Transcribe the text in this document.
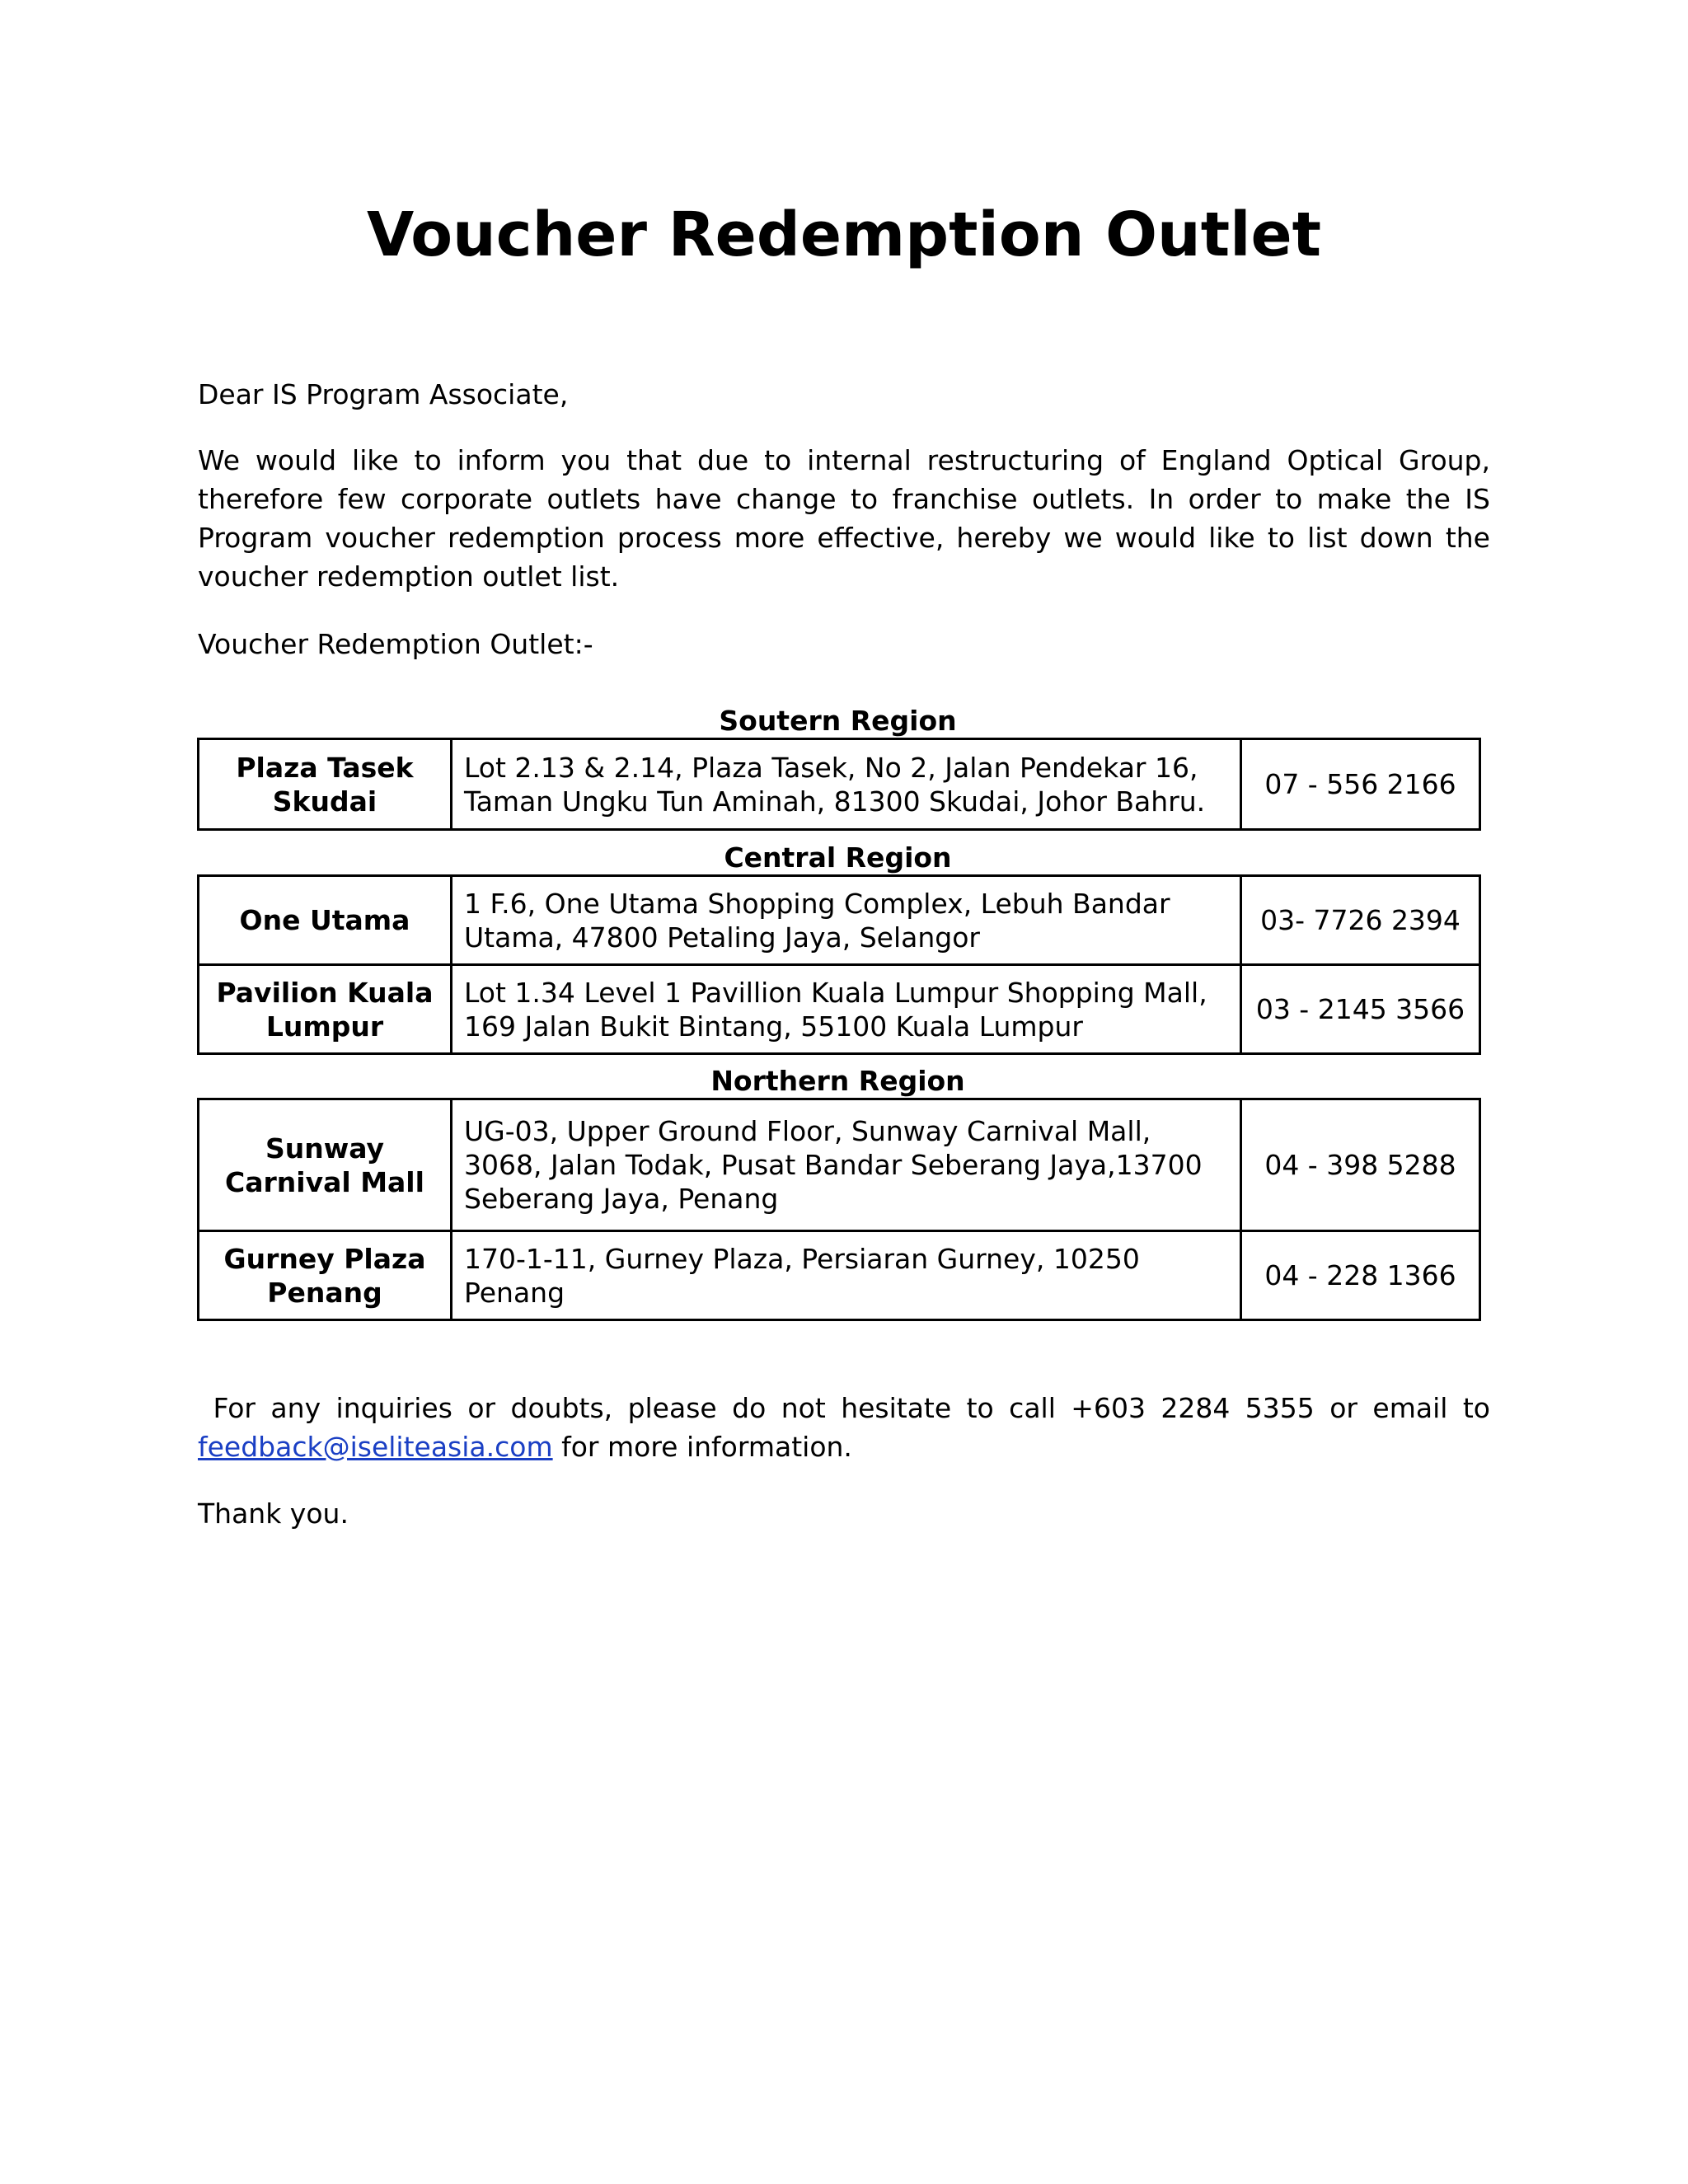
Voucher Redemption Outlet

Dear IS Program Associate,

We would like to inform you that due to internal restructuring of England Optical Group, therefore few corporate outlets have change to franchise outlets. In order to make the IS Program voucher redemption process more effective, hereby we would like to list down the voucher redemption outlet list.

Voucher Redemption Outlet:-

Soutern Region

Plaza Tasek Skudai	Lot 2.13 & 2.14, Plaza Tasek, No 2, Jalan Pendekar 16, Taman Ungku Tun Aminah, 81300 Skudai, Johor Bahru.	07 - 556 2166

Central Region

One Utama	1 F.6, One Utama Shopping Complex, Lebuh Bandar Utama, 47800 Petaling Jaya, Selangor	03- 7726 2394
Pavilion Kuala Lumpur	Lot 1.34 Level 1 Pavillion Kuala Lumpur Shopping Mall, 169 Jalan Bukit Bintang, 55100 Kuala Lumpur	03 - 2145 3566

Northern Region

Sunway Carnival Mall	UG-03, Upper Ground Floor, Sunway Carnival Mall, 3068, Jalan Todak, Pusat Bandar Seberang Jaya,13700 Seberang Jaya, Penang	04 - 398 5288
Gurney Plaza Penang	170-1-11, Gurney Plaza, Persiaran Gurney, 10250 Penang	04 - 228 1366

For any inquiries or doubts, please do not hesitate to call +603 2284 5355 or email to feedback@iseliteasia.com for more information.

Thank you.
